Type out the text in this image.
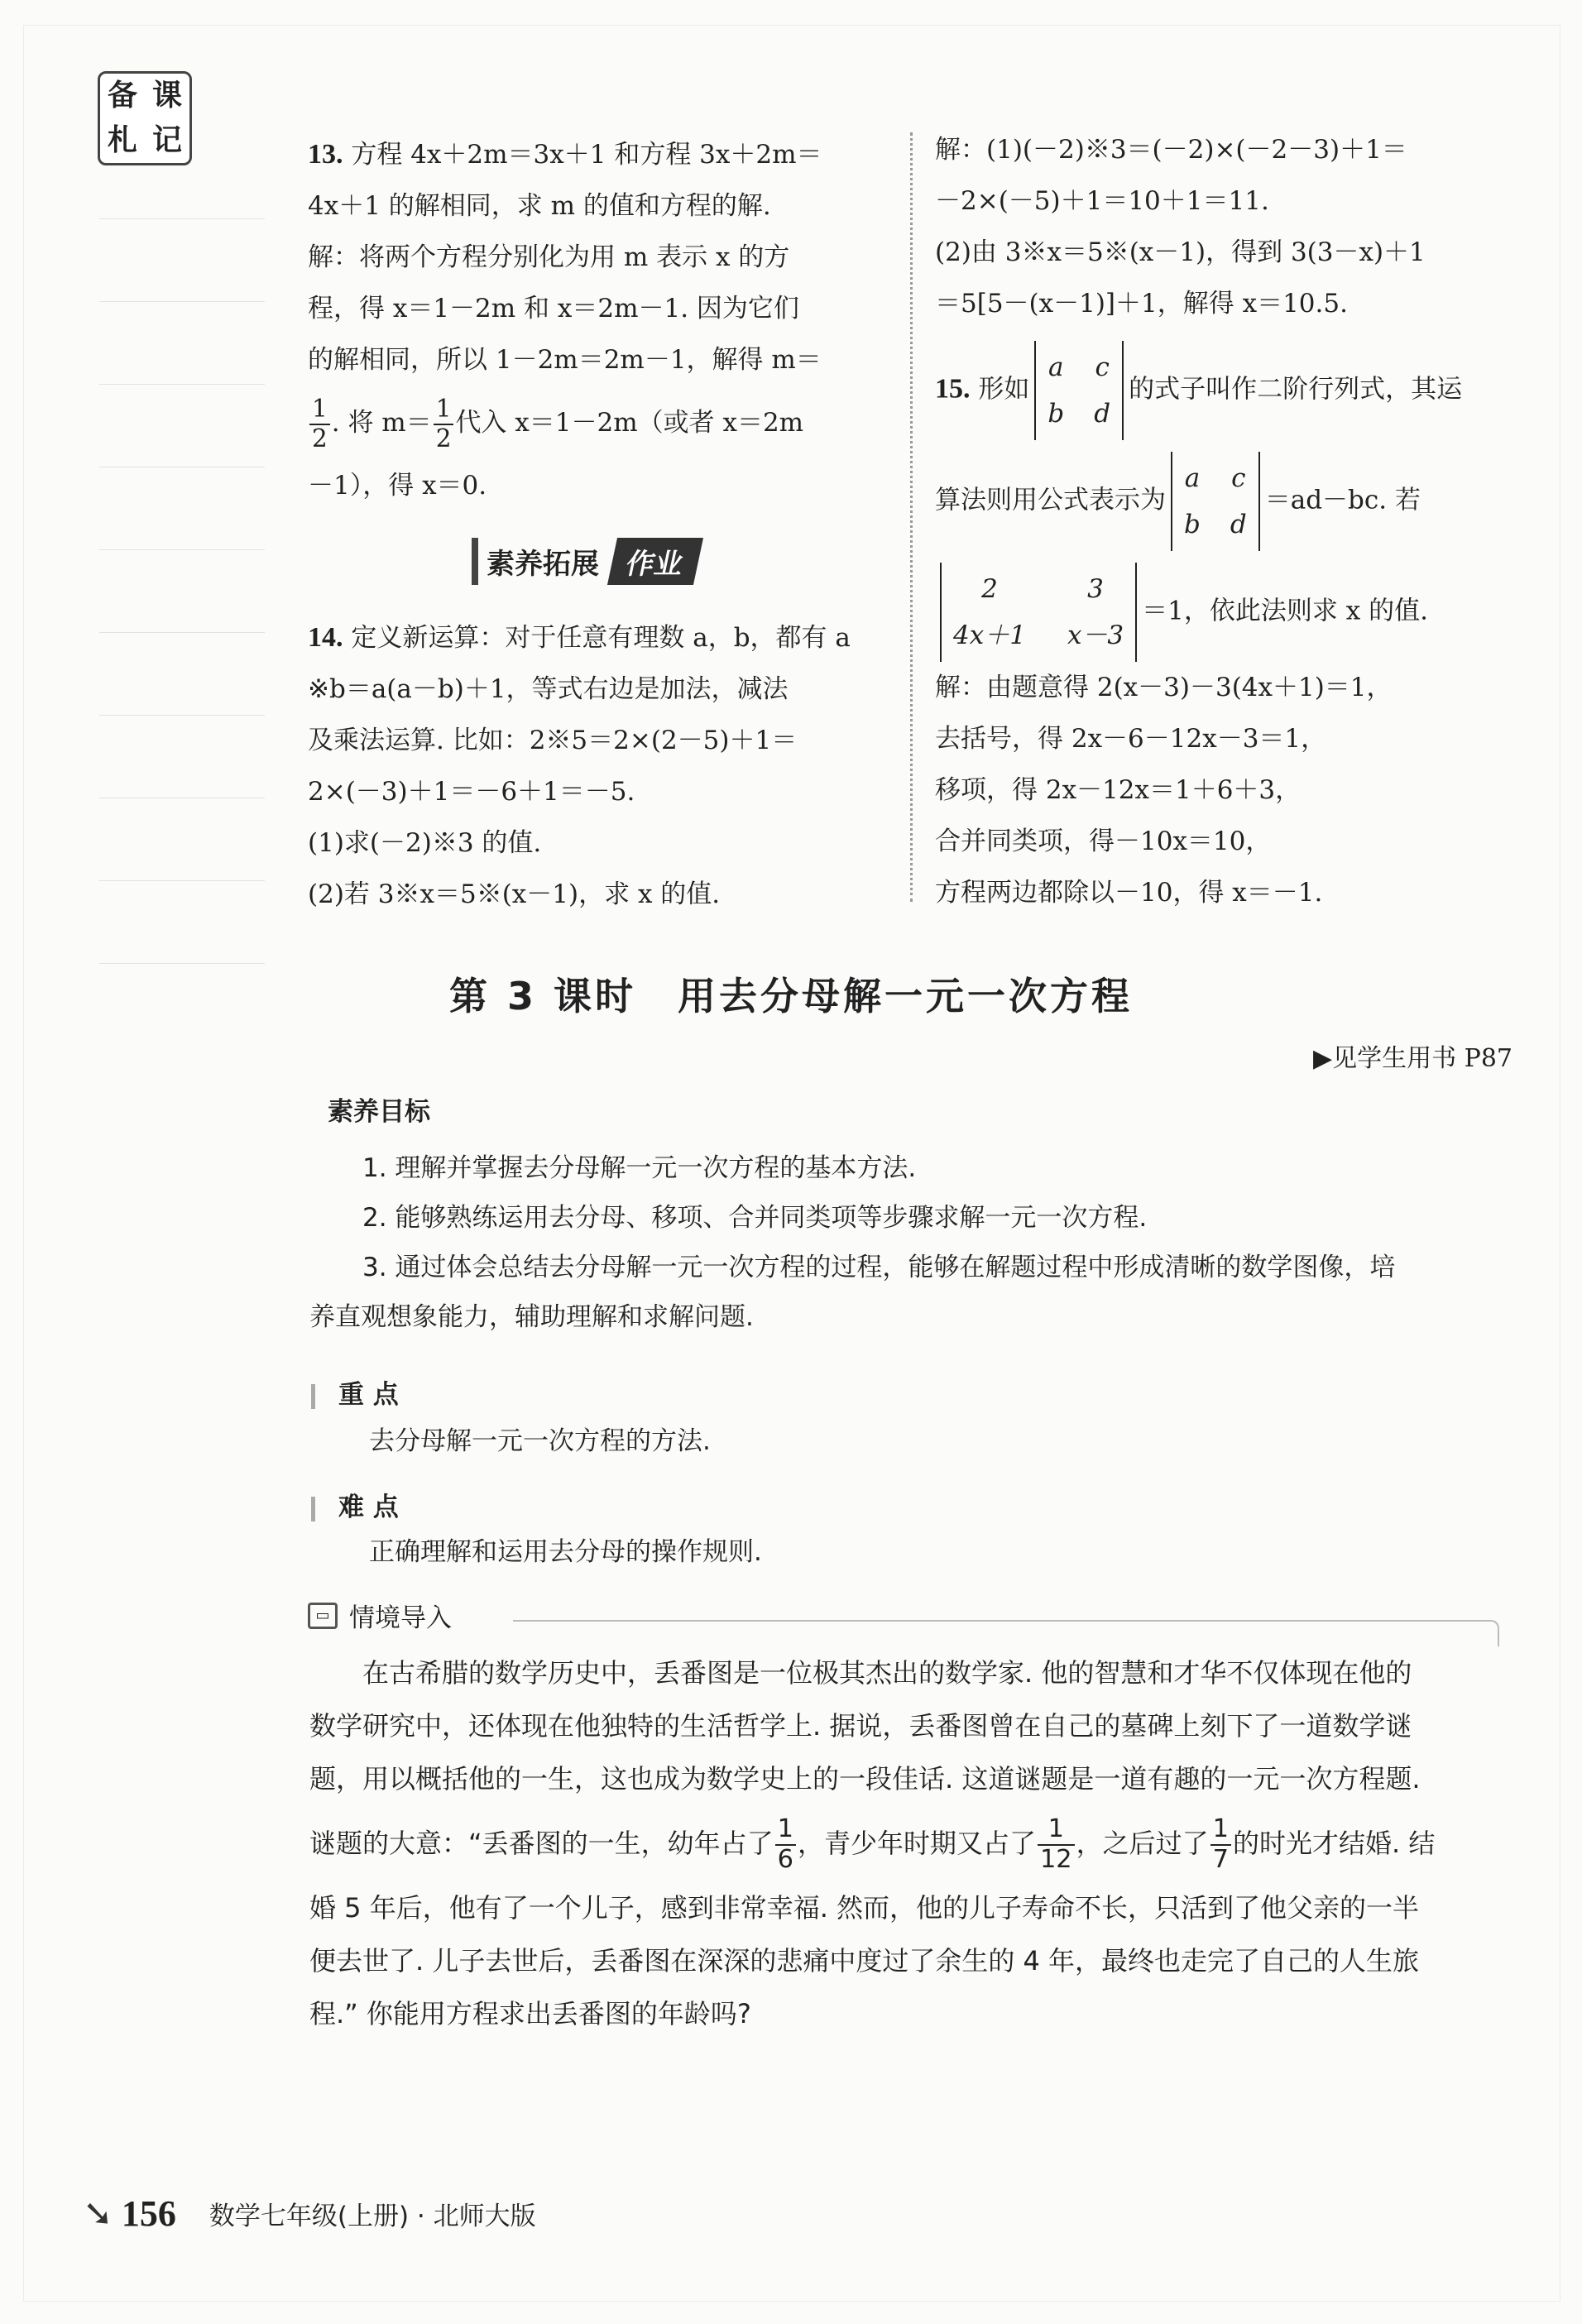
备 课
札 记	13. 方程 4x＋2m＝3x＋1 和方程 3x＋2m＝

4x＋1 的解相同，求 m 的值和方程的解.

解：将两个方程分别化为用 m 表示 x 的方

程，得 x＝1－2m 和 x＝2m－1. 因为它们

的解相同，所以 1－2m＝2m－1，解得 m＝

$\frac{1}{2}$ . 将 $m= \frac{1}{2}$ 代入 x＝1－2m（或者 x＝2m

－1），得 x＝0.

素养拓展 作业

14. 定义新运算：对于任意有理数 a，b，都有 a

※b＝a(a－b)＋1，等式右边是加法，减法

及乘法运算. 比如：2※5＝2×(2－5)＋1＝

2×(－3)＋1＝－6＋1＝－5.

(1)求(－2)※3 的值.

(2)若 3※x＝5※(x－1)，求 x 的值.

解：(1)(－2)※3＝(－2)×(－2－3)＋1＝

－2×(－5)＋1＝10＋1＝11.

(2)由 3※x＝5※(x－1)，得到 3(3－x)＋1

＝5[5－(x－1)]＋1，解得 x＝10.5.

15. 形如
a c
b d
的式子叫作二阶行列式，其运

算法则用公式表示为
a c
b d
＝ad－bc. 若

2	3
4x＋1 x－3
＝1，依此法则求 x 的值.

解：由题意得 2(x－3)－3(4x＋1)＝1，

去括号，得 2x－6－12x－3＝1，

移项，得 2x－12x＝1＋6＋3，

合并同类项，得－10x＝10，

方程两边都除以－10，得 x＝－1.

第 3 课时　用去分母解一元一次方程
▶见学生用书 P87
素养目标

1. 理解并掌握去分母解一元一次方程的基本方法.

2. 能够熟练运用去分母、移项、合并同类项等步骤求解一元一次方程.

3. 通过体会总结去分母解一元一次方程的过程，能够在解题过程中形成清晰的数学图像，培

养直观想象能力，辅助理解和求解问题.

重 点
去分母解一元一次方程的方法.
难 点
正确理解和运用去分母的操作规则.
▭ 情境导入

在古希腊的数学历史中，丢番图是一位极其杰出的数学家. 他的智慧和才华不仅体现在他的

数学研究中，还体现在他独特的生活哲学上. 据说，丢番图曾在自己的墓碑上刻下了一道数学谜

题，用以概括他的一生，这也成为数学史上的一段佳话. 这道谜题是一道有趣的一元一次方程题.

谜题的大意：“丢番图的一生，幼年占了 $\frac{1}{6}$ ，青少年时期又占了 $\frac{1}{12}$ ，之后过了 $\frac{1}{7}$ 的时光才结婚. 结

婚 5 年后，他有了一个儿子，感到非常幸福. 然而，他的儿子寿命不长，只活到了他父亲的一半

便去世了. 儿子去世后，丢番图在深深的悲痛中度过了余生的 4 年，最终也走完了自己的人生旅

程.” 你能用方程求出丢番图的年龄吗?

➘ 156 数学七年级(上册) · 北师大版
